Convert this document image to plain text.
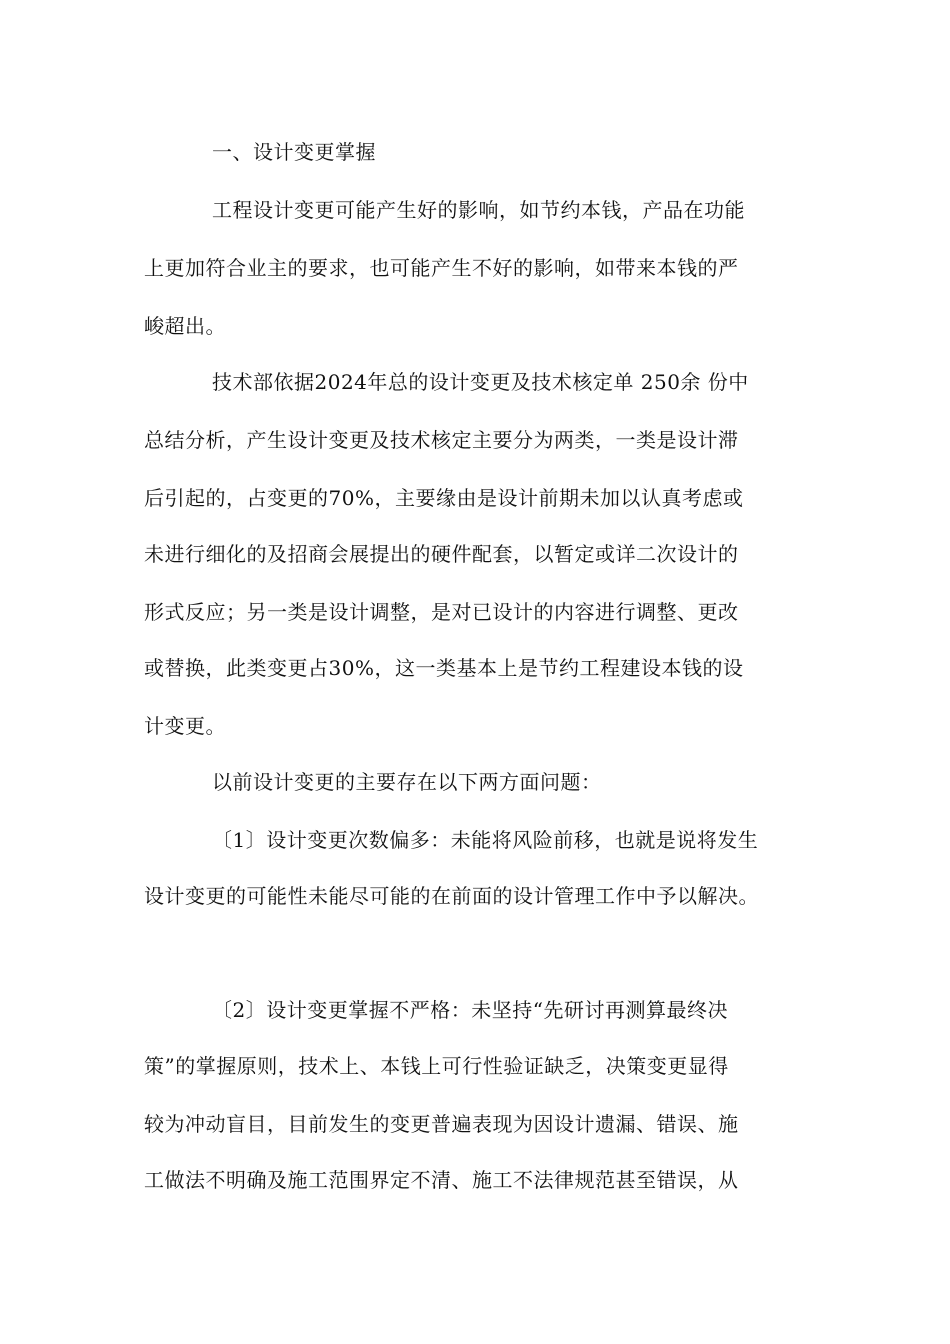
一、设计变更掌握
工程设计变更可能产生好的影响，如节约本钱，产品在功能
上更加符合业主的要求，也可能产生不好的影响，如带来本钱的严
峻超出。
技术部依据2024年总的设计变更及技术核定单 250余 份中
总结分析，产生设计变更及技术核定主要分为两类，一类是设计滞
后引起的，占变更的70%，主要缘由是设计前期未加以认真考虑或
未进行细化的及招商会展提出的硬件配套，以暂定或详二次设计的
形式反应；另一类是设计调整，是对已设计的内容进行调整、更改
或替换，此类变更占30%，这一类基本上是节约工程建设本钱的设
计变更。
以前设计变更的主要存在以下两方面问题：
〔1〕设计变更次数偏多：未能将风险前移，也就是说将发生
设计变更的可能性未能尽可能的在前面的设计管理工作中予以解决。
〔2〕设计变更掌握不严格：未坚持“先研讨再测算最终决
策”的掌握原则，技术上、本钱上可行性验证缺乏，决策变更显得
较为冲动盲目，目前发生的变更普遍表现为因设计遗漏、错误、施
工做法不明确及施工范围界定不清、施工不法律规范甚至错误，从
